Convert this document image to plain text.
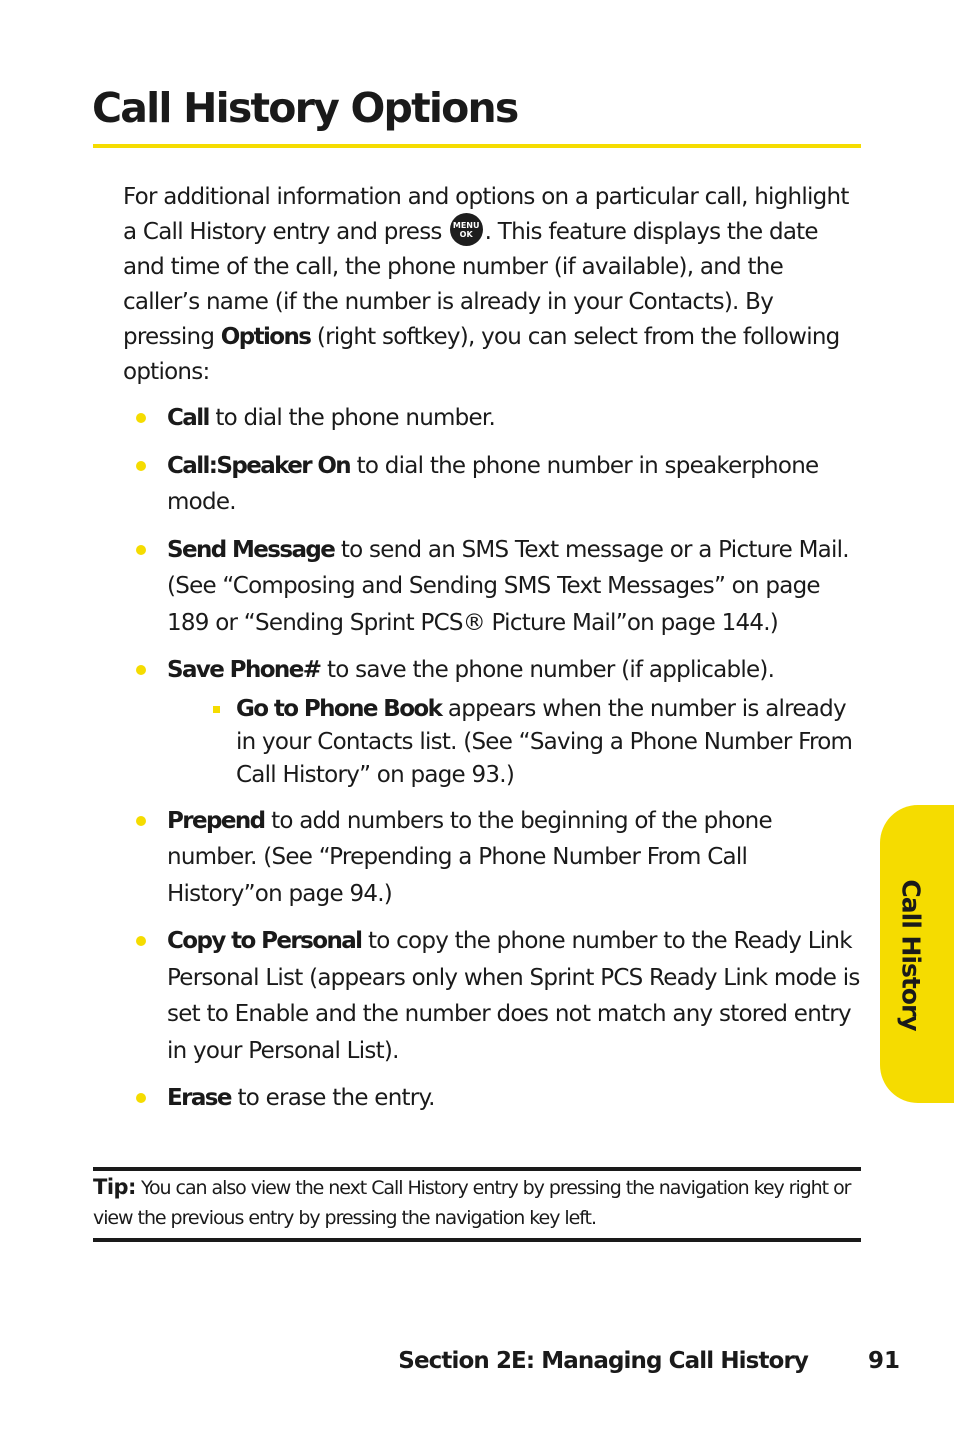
Call History Options

For additional information and options on a particular call, highlight a Call History entry and press	MENU
OK . This feature displays the date and time of the call, the phone number (if available), and the caller’s name (if the number is already in your Contacts). By pressing Options (right softkey), you can select from the following options:

Call to dial the phone number.
Call:Speaker On to dial the phone number in speakerphone mode.
Send Message to send an SMS Text message or a Picture Mail. (See “Composing and Sending SMS Text Messages” on page 189 or “Sending Sprint PCS® Picture Mail”on page 144.)
Save Phone# to save the phone number (if applicable).
Go to Phone Book appears when the number is already in your Contacts list. (See “Saving a Phone Number From Call History” on page 93.)
Prepend to add numbers to the beginning of the phone number. (See “Prepending a Phone Number From Call History”on page 94.)
Copy to Personal to copy the phone number to the Ready Link Personal List (appears only when Sprint PCS Ready Link mode is set to Enable and the number does not match any stored entry in your Personal List).
Erase to erase the entry.
Tip: You can also view the next Call History entry by pressing the navigation key right or view the previous entry by pressing the navigation key left.
Call History
Section 2E: Managing Call History	91
